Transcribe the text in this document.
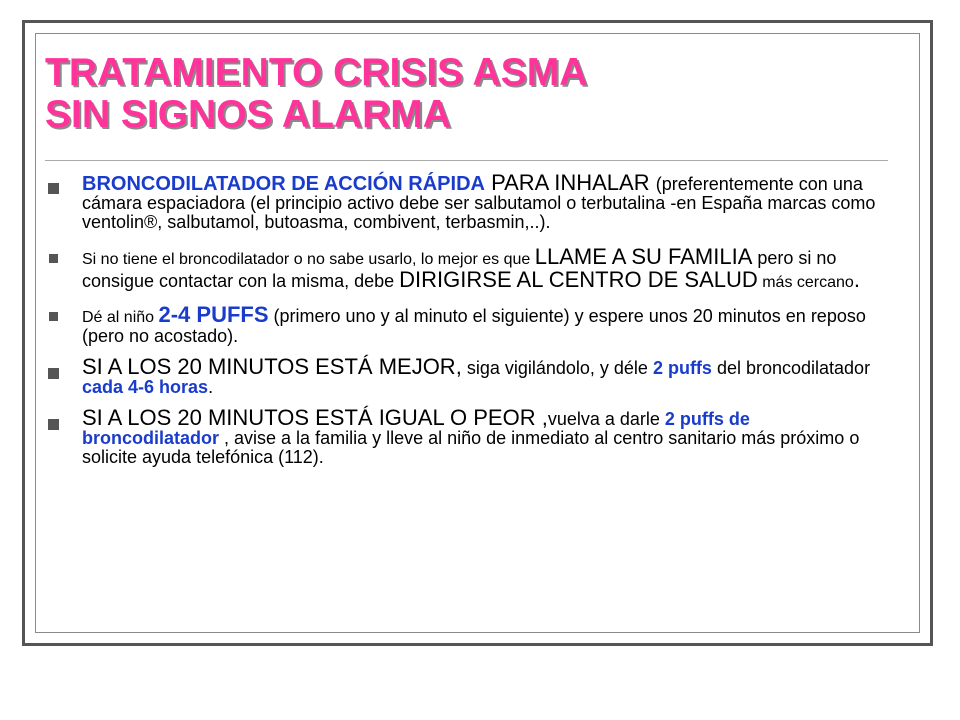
TRATAMIENTO CRISIS ASMA
SIN SIGNOS ALARMA
BRONCODILATADOR DE ACCIÓN RÁPIDA PARA INHALAR (preferentemente con una cámara espaciadora (el principio activo debe ser salbutamol o terbutalina -en España marcas como ventolin®, salbutamol, butoasma, combivent, terbasmin,..).
Si no tiene el broncodilatador o no sabe usarlo, lo mejor es que LLAME A SU FAMILIA pero si no consigue contactar con la misma, debe DIRIGIRSE AL CENTRO DE SALUD más cercano.
Dé al niño 2-4 PUFFS (primero uno y al minuto el siguiente) y espere unos 20 minutos en reposo (pero no acostado).
SI A LOS 20 MINUTOS ESTÁ MEJOR, siga vigilándolo, y déle 2 puffs del broncodilatador cada 4-6 horas.
SI A LOS 20 MINUTOS ESTÁ IGUAL O PEOR ,vuelva a darle 2 puffs de broncodilatador , avise a la familia y lleve al niño de inmediato al centro sanitario más próximo o solicite ayuda telefónica (112).
